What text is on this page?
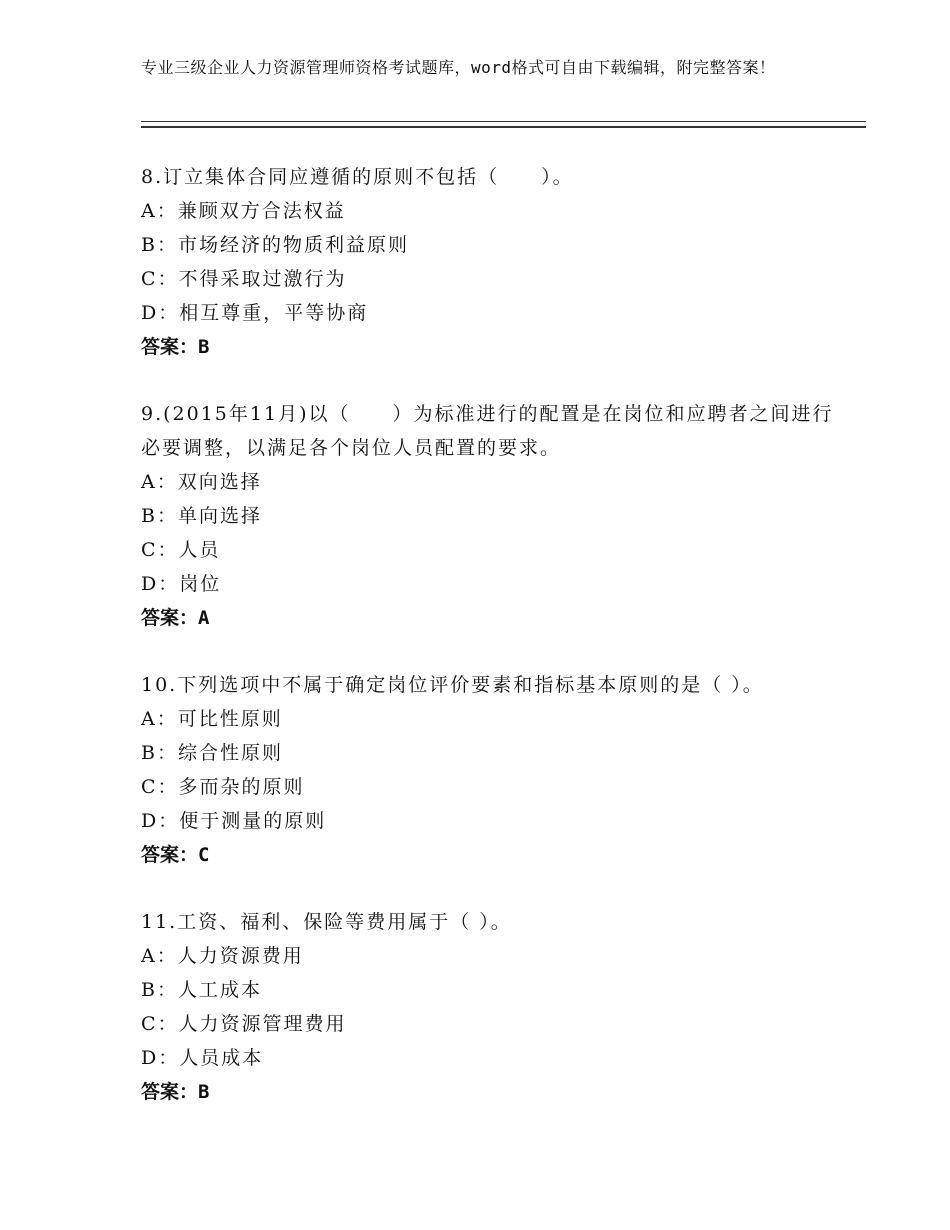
专业三级企业人力资源管理师资格考试题库，word格式可自由下载编辑，附完整答案！
8.订立集体合同应遵循的原则不包括（　　）。
A：兼顾双方合法权益
B：市场经济的物质利益原则
C：不得采取过激行为
D：相互尊重，平等协商
答案：B
9.(2015年11月)以（　　）为标准进行的配置是在岗位和应聘者之间进行必要调整，以满足各个岗位人员配置的要求。
A：双向选择
B：单向选择
C：人员
D：岗位
答案：A
10.下列选项中不属于确定岗位评价要素和指标基本原则的是（ ）。
A：可比性原则
B：综合性原则
C：多而杂的原则
D：便于测量的原则
答案：C
11.工资、福利、保险等费用属于（ ）。
A：人力资源费用
B：人工成本
C：人力资源管理费用
D：人员成本
答案：B
